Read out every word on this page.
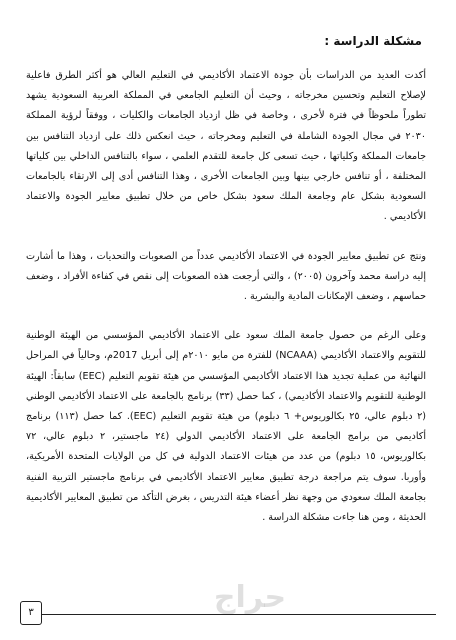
مشكلة الدراسة :

أكدت العديد من الدراسات بأن جودة الاعتماد الأكاديمي في التعليم العالي هو أكثر الطرق فاعلية لإصلاح التعليم وتحسين مخرجاته ، وحيث أن التعليم الجامعي في المملكة العربية السعودية يشهد تطوراً ملحوظاً في فترة لأخرى ، وخاصة في ظل ازدياد الجامعات والكليات ، ووفقاً لرؤية المملكة ٢٠٣٠ في مجال الجودة الشاملة في التعليم ومخرجاته ، حيث انعكس ذلك على ازدياد التنافس بين جامعات المملكة وكلياتها ، حيث تسعى كل جامعة للتقدم العلمي ، سواء بالتنافس الداخلي بين كلياتها المختلفة ، أو تنافس خارجي بينها وبين الجامعات الأخرى ، وهذا التنافس أدى إلى الارتقاء بالجامعات السعودية بشكل عام وجامعة الملك سعود بشكل خاص من خلال تطبيق معايير الجودة والاعتماد الأكاديمي .

ونتج عن تطبيق معايير الجودة في الاعتماد الأكاديمي عدداً من الصعوبات والتحديات ، وهذا ما أشارت إليه دراسة محمد وآخرون (٢٠٠٥) ، والتي أرجعت هذه الصعوبات إلى نقص في كفاءة الأفراد ، وضعف حماسهم ، وضعف الإمكانات المادية والبشرية .

وعلى الرغم من حصول جامعة الملك سعود على الاعتماد الأكاديمي المؤسسي من الهيئة الوطنية للتقويم والاعتماد الأكاديمي (NCAAA) للفترة من مايو ٢٠١٠م إلى أبريل 2017م، وحالياً في المراحل النهائية من عملية تجديد هذا الاعتماد الأكاديمي المؤسسي من هيئة تقويم التعليم (EEC) سابقاً: الهيئة الوطنية للتقويم والاعتماد الأكاديمي) ، كما حصل (٣٣) برنامج بالجامعة على الاعتماد الأكاديمي الوطني (٢ دبلوم عالي، ٢٥ بكالوريوس+ ٦ دبلوم) من هيئة تقويم التعليم (EEC). كما حصل (١١٣) برنامج أكاديمي من برامج الجامعة على الاعتماد الأكاديمي الدولي (٢٤ ماجستير، ٢ دبلوم عالي، ٧٢ بكالوريوس، ١٥ دبلوم) من عدد من هيئات الاعتماد الدولية في كل من الولايات المتحدة الأمريكية، وأوربا. سوف يتم مراجعة درجة تطبيق معايير الاعتماد الأكاديمي في برنامج ماجستير التربية الفنية بجامعة الملك سعودي من وجهة نظر أعضاء هيئة التدريس ، بغرض التأكد من تطبيق المعايير الأكاديمية الحديثة ، ومن هنا جاءت مشكلة الدراسة .

حراج
٣
